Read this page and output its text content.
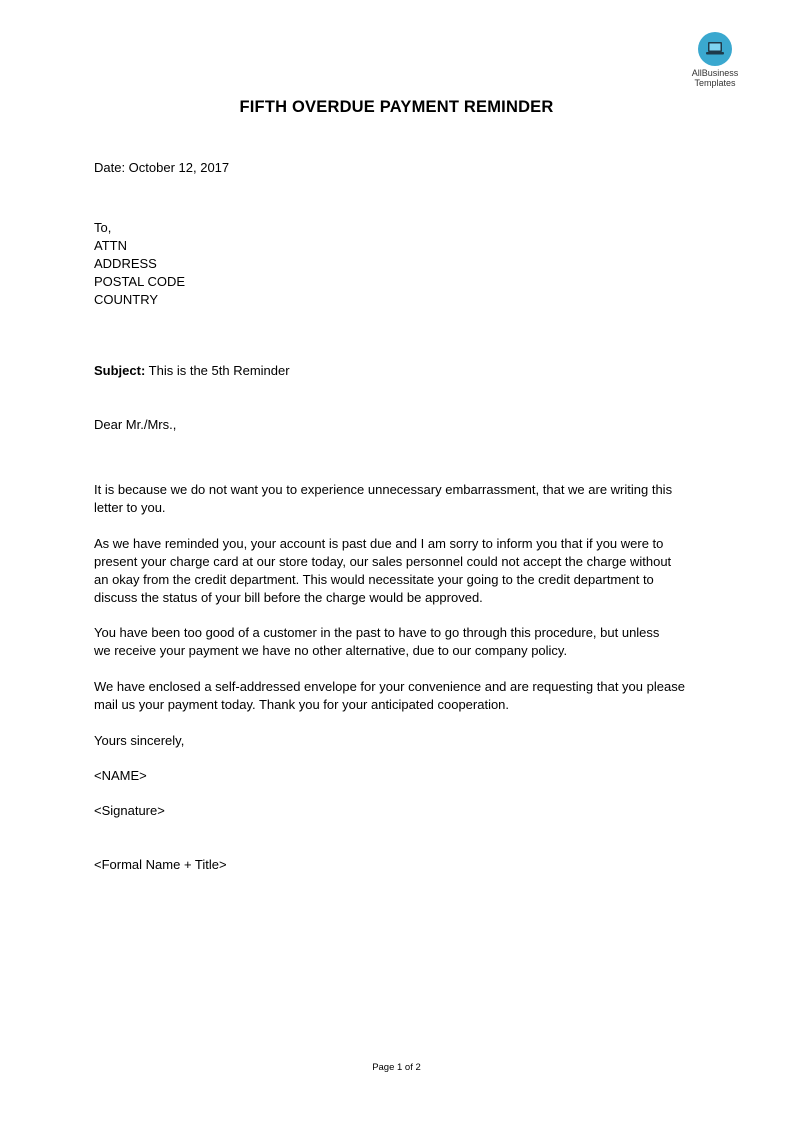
AllBusiness
Templates
FIFTH OVERDUE PAYMENT REMINDER
Date: October 12, 2017

To,

ATTN

ADDRESS

POSTAL CODE

COUNTRY

Subject: This is the 5th Reminder
Dear Mr./Mrs.,

It is because we do not want you to experience unnecessary embarrassment, that we are writing this

letter to you.

As we have reminded you, your account is past due and I am sorry to inform you that if you were to

present your charge card at our store today, our sales personnel could not accept the charge without

an okay from the credit department. This would necessitate your going to the credit department to

discuss the status of your bill before the charge would be approved.

You have been too good of a customer in the past to have to go through this procedure, but unless

we receive your payment we have no other alternative, due to our company policy.

We have enclosed a self-addressed envelope for your convenience and are requesting that you please

mail us your payment today. Thank you for your anticipated cooperation.

Yours sincerely,
<NAME>
<Signature>
<Formal Name + Title>
Page 1 of 2
